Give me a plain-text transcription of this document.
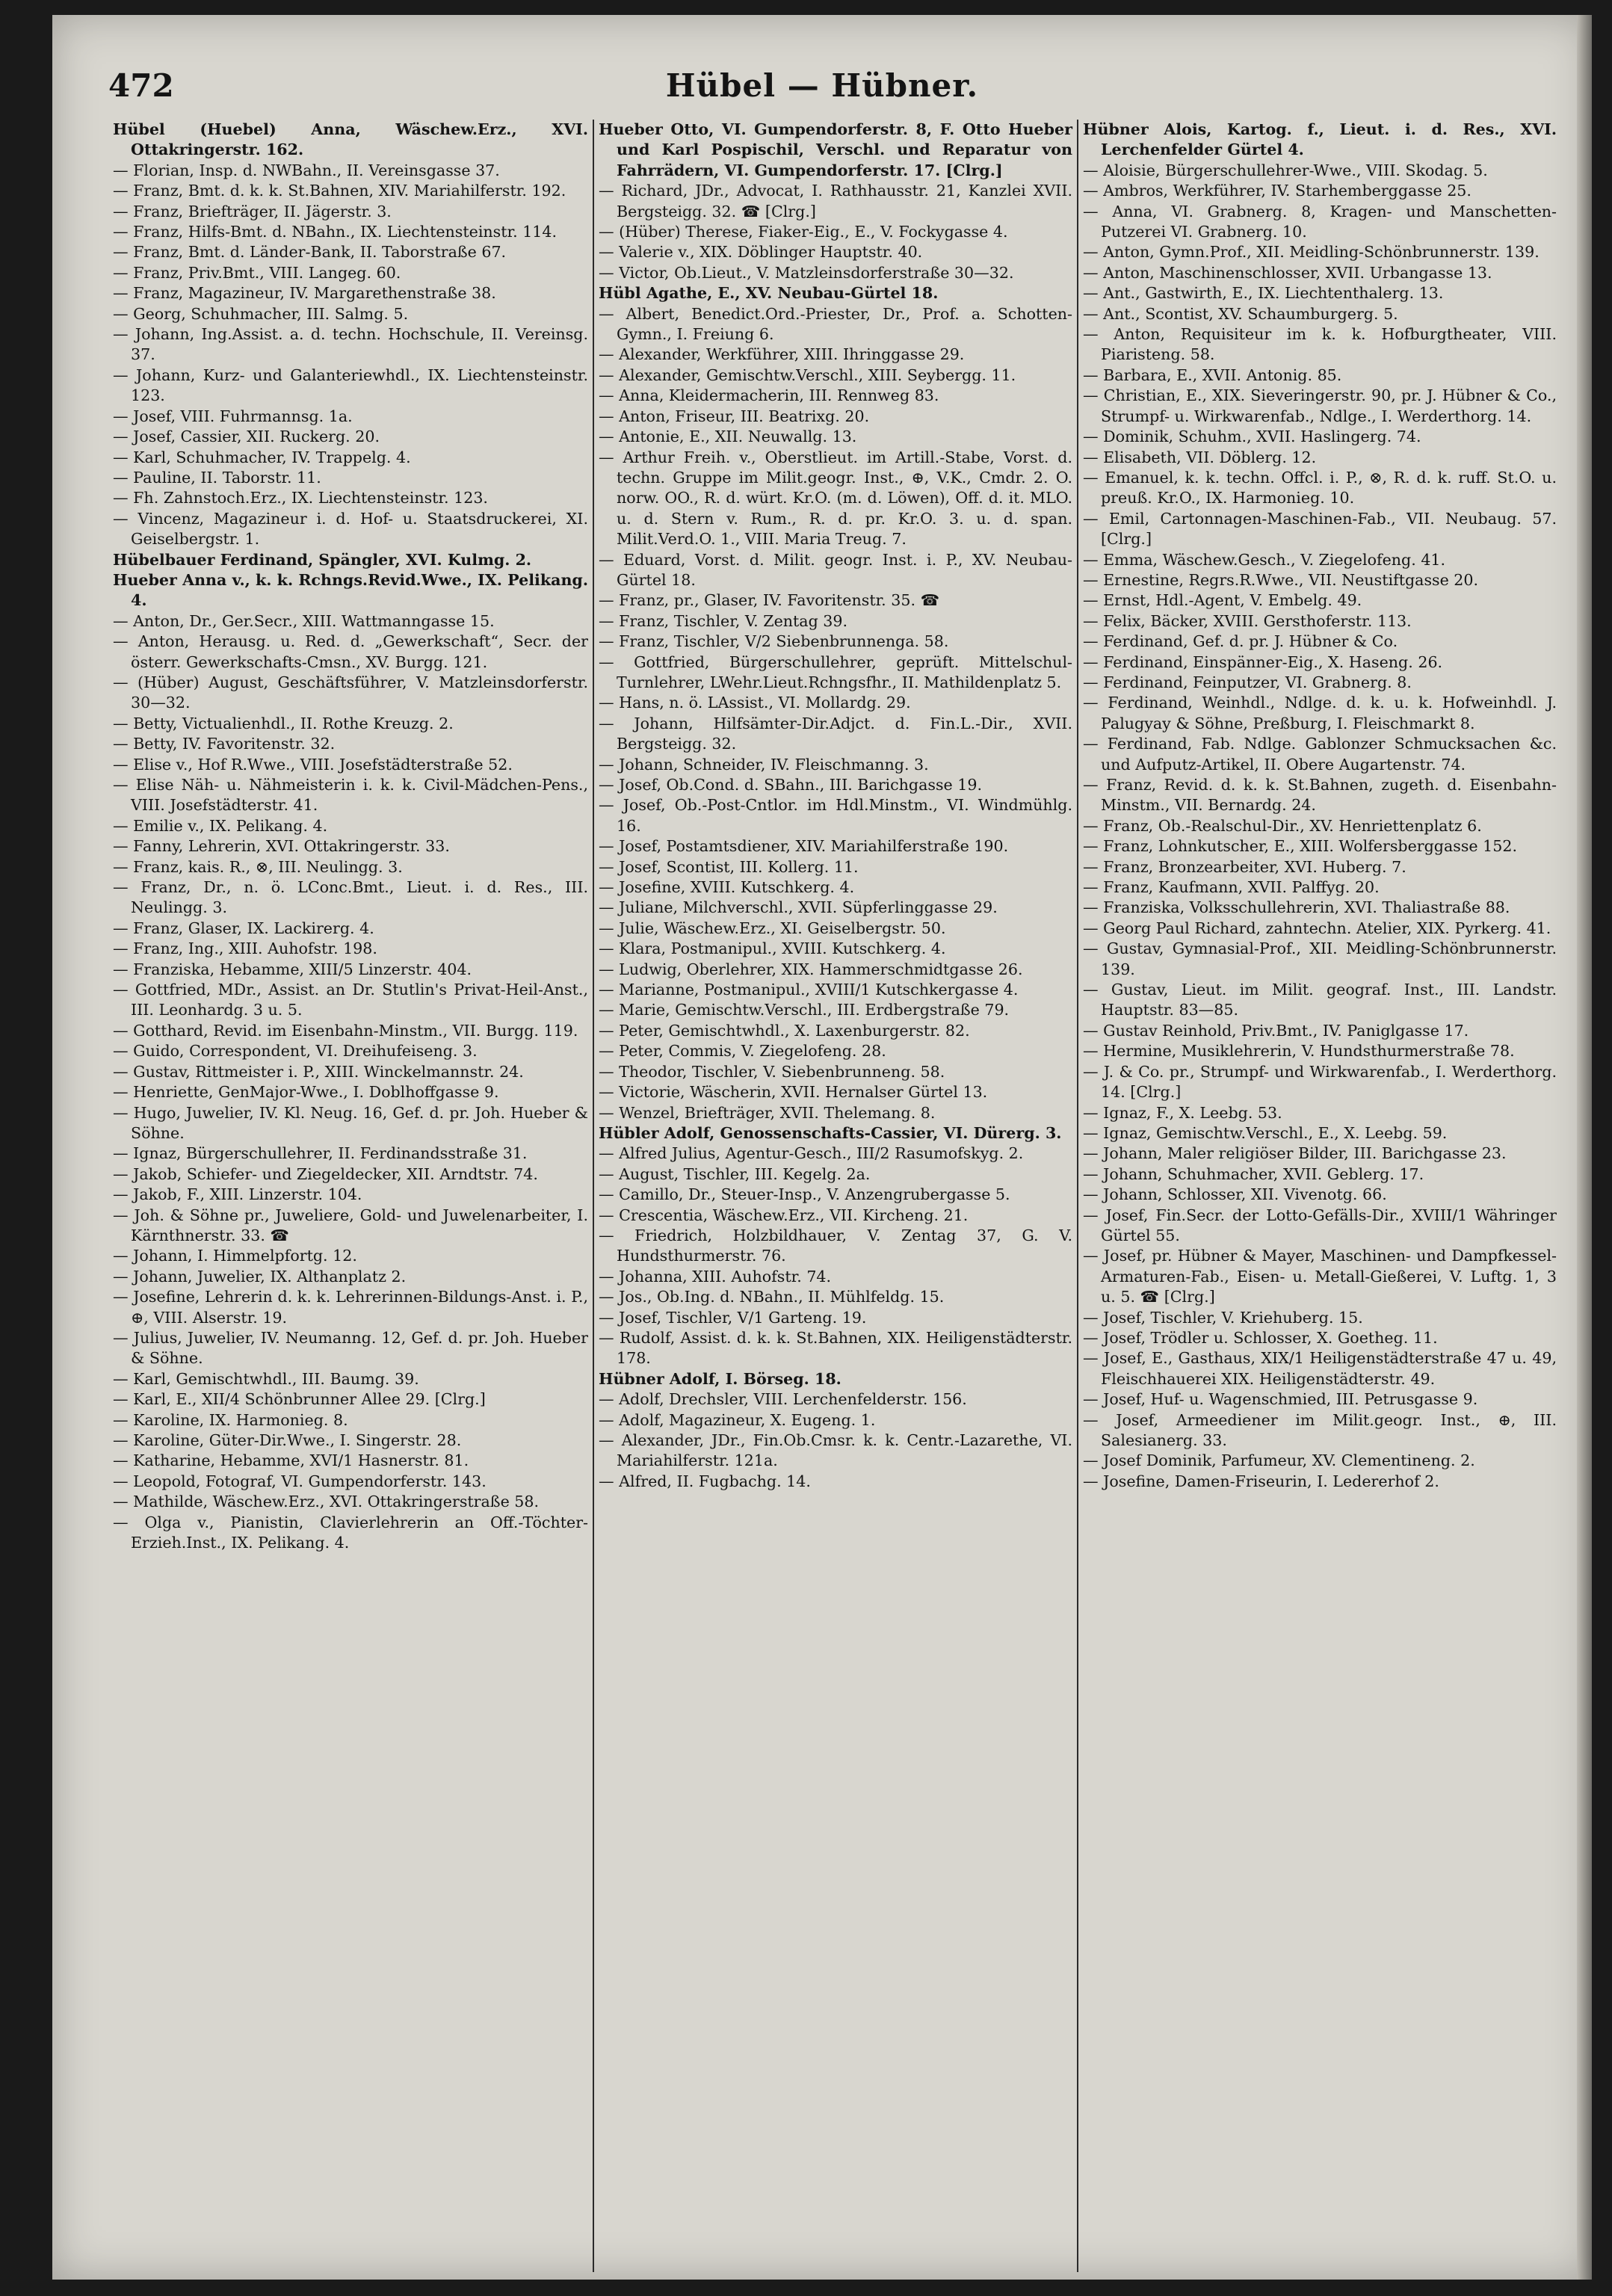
472	Hübel — Hübner.

Hübel (Huebel) Anna, Wäschew.Erz., XVI. Ottakringerstr. 162.

— Florian, Insp. d. NWBahn., II. Vereinsgasse 37.

— Franz, Bmt. d. k. k. St.Bahnen, XIV. Mariahilferstr. 192.

— Franz, Briefträger, II. Jägerstr. 3.

— Franz, Hilfs-Bmt. d. NBahn., IX. Liechtensteinstr. 114.

— Franz, Bmt. d. Länder-Bank, II. Taborstraße 67.

— Franz, Priv.Bmt., VIII. Langeg. 60.

— Franz, Magazineur, IV. Margarethenstraße 38.

— Georg, Schuhmacher, III. Salmg. 5.

— Johann, Ing.Assist. a. d. techn. Hochschule, II. Vereinsg. 37.

— Johann, Kurz- und Galanteriewhdl., IX. Liechtensteinstr. 123.

— Josef, VIII. Fuhrmannsg. 1a.

— Josef, Cassier, XII. Ruckerg. 20.

— Karl, Schuhmacher, IV. Trappelg. 4.

— Pauline, II. Taborstr. 11.

— Fh. Zahnstoch.Erz., IX. Liechtensteinstr. 123.

— Vincenz, Magazineur i. d. Hof- u. Staatsdruckerei, XI. Geiselbergstr. 1.

Hübelbauer Ferdinand, Spängler, XVI. Kulmg. 2.

Hueber Anna v., k. k. Rchngs.Revid.Wwe., IX. Pelikang. 4.

— Anton, Dr., Ger.Secr., XIII. Wattmanngasse 15.

— Anton, Herausg. u. Red. d. „Gewerkschaft“, Secr. der österr. Gewerkschafts-Cmsn., XV. Burgg. 121.

— (Hüber) August, Geschäftsführer, V. Matzleinsdorferstr. 30—32.

— Betty, Victualienhdl., II. Rothe Kreuzg. 2.

— Betty, IV. Favoritenstr. 32.

— Elise v., Hof R.Wwe., VIII. Josefstädterstraße 52.

— Elise Näh- u. Nähmeisterin i. k. k. Civil-Mädchen-Pens., VIII. Josefstädterstr. 41.

— Emilie v., IX. Pelikang. 4.

— Fanny, Lehrerin, XVI. Ottakringerstr. 33.

— Franz, kais. R., ⊗, III. Neulingg. 3.

— Franz, Dr., n. ö. LConc.Bmt., Lieut. i. d. Res., III. Neulingg. 3.

— Franz, Glaser, IX. Lackirerg. 4.

— Franz, Ing., XIII. Auhofstr. 198.

— Franziska, Hebamme, XIII/5 Linzerstr. 404.

— Gottfried, MDr., Assist. an Dr. Stutlin's Privat-Heil-Anst., III. Leonhardg. 3 u. 5.

— Gotthard, Revid. im Eisenbahn-Minstm., VII. Burgg. 119.

— Guido, Correspondent, VI. Dreihufeiseng. 3.

— Gustav, Rittmeister i. P., XIII. Winckelmannstr. 24.

— Henriette, GenMajor-Wwe., I. Doblhoffgasse 9.

— Hugo, Juwelier, IV. Kl. Neug. 16, Gef. d. pr. Joh. Hueber & Söhne.

— Ignaz, Bürgerschullehrer, II. Ferdinandsstraße 31.

— Jakob, Schiefer- und Ziegeldecker, XII. Arndtstr. 74.

— Jakob, F., XIII. Linzerstr. 104.

— Joh. & Söhne pr., Juweliere, Gold- und Juwelenarbeiter, I. Kärnthnerstr. 33. ☎

— Johann, I. Himmelpfortg. 12.

— Johann, Juwelier, IX. Althanplatz 2.

— Josefine, Lehrerin d. k. k. Lehrerinnen-Bildungs-Anst. i. P., ⊕, VIII. Alserstr. 19.

— Julius, Juwelier, IV. Neumanng. 12, Gef. d. pr. Joh. Hueber & Söhne.

— Karl, Gemischtwhdl., III. Baumg. 39.

— Karl, E., XII/4 Schönbrunner Allee 29. [Clrg.]

— Karoline, IX. Harmonieg. 8.

— Karoline, Güter-Dir.Wwe., I. Singerstr. 28.

— Katharine, Hebamme, XVI/1 Hasnerstr. 81.

— Leopold, Fotograf, VI. Gumpendorferstr. 143.

— Mathilde, Wäschew.Erz., XVI. Ottakringerstraße 58.

— Olga v., Pianistin, Clavierlehrerin an Off.-Töchter-Erzieh.Inst., IX. Pelikang. 4.

Hueber Otto, VI. Gumpendorferstr. 8, F. Otto Hueber und Karl Pospischil, Verschl. und Reparatur von Fahrrädern, VI. Gumpendorferstr. 17. [Clrg.]

— Richard, JDr., Advocat, I. Rathhausstr. 21, Kanzlei XVII. Bergsteigg. 32. ☎ [Clrg.]

— (Hüber) Therese, Fiaker-Eig., E., V. Fockygasse 4.

— Valerie v., XIX. Döblinger Hauptstr. 40.

— Victor, Ob.Lieut., V. Matzleinsdorferstraße 30—32.

Hübl Agathe, E., XV. Neubau-Gürtel 18.

— Albert, Benedict.Ord.-Priester, Dr., Prof. a. Schotten-Gymn., I. Freiung 6.

— Alexander, Werkführer, XIII. Ihringgasse 29.

— Alexander, Gemischtw.Verschl., XIII. Seybergg. 11.

— Anna, Kleidermacherin, III. Rennweg 83.

— Anton, Friseur, III. Beatrixg. 20.

— Antonie, E., XII. Neuwallg. 13.

— Arthur Freih. v., Oberstlieut. im Artill.-Stabe, Vorst. d. techn. Gruppe im Milit.geogr. Inst., ⊕, V.K., Cmdr. 2. O. norw. OO., R. d. würt. Kr.O. (m. d. Löwen), Off. d. it. MLO. u. d. Stern v. Rum., R. d. pr. Kr.O. 3. u. d. span. Milit.Verd.O. 1., VIII. Maria Treug. 7.

— Eduard, Vorst. d. Milit. geogr. Inst. i. P., XV. Neubau-Gürtel 18.

— Franz, pr., Glaser, IV. Favoritenstr. 35. ☎

— Franz, Tischler, V. Zentag 39.

— Franz, Tischler, V/2 Siebenbrunnenga. 58.

— Gottfried, Bürgerschullehrer, geprüft. Mittelschul-Turnlehrer, LWehr.Lieut.Rchngsfhr., II. Mathildenplatz 5.

— Hans, n. ö. LAssist., VI. Mollardg. 29.

— Johann, Hilfsämter-Dir.Adjct. d. Fin.L.-Dir., XVII. Bergsteigg. 32.

— Johann, Schneider, IV. Fleischmanng. 3.

— Josef, Ob.Cond. d. SBahn., III. Barichgasse 19.

— Josef, Ob.-Post-Cntlor. im Hdl.Minstm., VI. Windmühlg. 16.

— Josef, Postamtsdiener, XIV. Mariahilferstraße 190.

— Josef, Scontist, III. Kollerg. 11.

— Josefine, XVIII. Kutschkerg. 4.

— Juliane, Milchverschl., XVII. Süpferlinggasse 29.

— Julie, Wäschew.Erz., XI. Geiselbergstr. 50.

— Klara, Postmanipul., XVIII. Kutschkerg. 4.

— Ludwig, Oberlehrer, XIX. Hammerschmidtgasse 26.

— Marianne, Postmanipul., XVIII/1 Kutschkergasse 4.

— Marie, Gemischtw.Verschl., III. Erdbergstraße 79.

— Peter, Gemischtwhdl., X. Laxenburgerstr. 82.

— Peter, Commis, V. Ziegelofeng. 28.

— Theodor, Tischler, V. Siebenbrunneng. 58.

— Victorie, Wäscherin, XVII. Hernalser Gürtel 13.

— Wenzel, Briefträger, XVII. Thelemang. 8.

Hübler Adolf, Genossenschafts-Cassier, VI. Dürerg. 3.

— Alfred Julius, Agentur-Gesch., III/2 Rasumofskyg. 2.

— August, Tischler, III. Kegelg. 2a.

— Camillo, Dr., Steuer-Insp., V. Anzengrubergasse 5.

— Crescentia, Wäschew.Erz., VII. Kircheng. 21.

— Friedrich, Holzbildhauer, V. Zentag 37, G. V. Hundsthurmerstr. 76.

— Johanna, XIII. Auhofstr. 74.

— Jos., Ob.Ing. d. NBahn., II. Mühlfeldg. 15.

— Josef, Tischler, V/1 Garteng. 19.

— Rudolf, Assist. d. k. k. St.Bahnen, XIX. Heiligenstädterstr. 178.

Hübner Adolf, I. Börseg. 18.

— Adolf, Drechsler, VIII. Lerchenfelderstr. 156.

— Adolf, Magazineur, X. Eugeng. 1.

— Alexander, JDr., Fin.Ob.Cmsr. k. k. Centr.-Lazarethe, VI. Mariahilferstr. 121a.

— Alfred, II. Fugbachg. 14.

Hübner Alois, Kartog. f., Lieut. i. d. Res., XVI. Lerchenfelder Gürtel 4.

— Aloisie, Bürgerschullehrer-Wwe., VIII. Skodag. 5.

— Ambros, Werkführer, IV. Starhemberggasse 25.

— Anna, VI. Grabnerg. 8, Kragen- und Manschetten-Putzerei VI. Grabnerg. 10.

— Anton, Gymn.Prof., XII. Meidling-Schönbrunnerstr. 139.

— Anton, Maschinenschlosser, XVII. Urbangasse 13.

— Ant., Gastwirth, E., IX. Liechtenthalerg. 13.

— Ant., Scontist, XV. Schaumburgerg. 5.

— Anton, Requisiteur im k. k. Hofburgtheater, VIII. Piaristeng. 58.

— Barbara, E., XVII. Antonig. 85.

— Christian, E., XIX. Sieveringerstr. 90, pr. J. Hübner & Co., Strumpf- u. Wirkwarenfab., Ndlge., I. Werderthorg. 14.

— Dominik, Schuhm., XVII. Haslingerg. 74.

— Elisabeth, VII. Döblerg. 12.

— Emanuel, k. k. techn. Offcl. i. P., ⊗, R. d. k. ruff. St.O. u. preuß. Kr.O., IX. Harmonieg. 10.

— Emil, Cartonnagen-Maschinen-Fab., VII. Neubaug. 57. [Clrg.]

— Emma, Wäschew.Gesch., V. Ziegelofeng. 41.

— Ernestine, Regrs.R.Wwe., VII. Neustiftgasse 20.

— Ernst, Hdl.-Agent, V. Embelg. 49.

— Felix, Bäcker, XVIII. Gersthoferstr. 113.

— Ferdinand, Gef. d. pr. J. Hübner & Co.

— Ferdinand, Einspänner-Eig., X. Haseng. 26.

— Ferdinand, Feinputzer, VI. Grabnerg. 8.

— Ferdinand, Weinhdl., Ndlge. d. k. u. k. Hofweinhdl. J. Palugyay & Söhne, Preßburg, I. Fleischmarkt 8.

— Ferdinand, Fab. Ndlge. Gablonzer Schmucksachen &c. und Aufputz-Artikel, II. Obere Augartenstr. 74.

— Franz, Revid. d. k. k. St.Bahnen, zugeth. d. Eisenbahn-Minstm., VII. Bernardg. 24.

— Franz, Ob.-Realschul-Dir., XV. Henriettenplatz 6.

— Franz, Lohnkutscher, E., XIII. Wolfersberggasse 152.

— Franz, Bronzearbeiter, XVI. Huberg. 7.

— Franz, Kaufmann, XVII. Palffyg. 20.

— Franziska, Volksschullehrerin, XVI. Thaliastraße 88.

— Georg Paul Richard, zahntechn. Atelier, XIX. Pyrkerg. 41.

— Gustav, Gymnasial-Prof., XII. Meidling-Schönbrunnerstr. 139.

— Gustav, Lieut. im Milit. geograf. Inst., III. Landstr. Hauptstr. 83—85.

— Gustav Reinhold, Priv.Bmt., IV. Paniglgasse 17.

— Hermine, Musiklehrerin, V. Hundsthurmerstraße 78.

— J. & Co. pr., Strumpf- und Wirkwarenfab., I. Werderthorg. 14. [Clrg.]

— Ignaz, F., X. Leebg. 53.

— Ignaz, Gemischtw.Verschl., E., X. Leebg. 59.

— Johann, Maler religiöser Bilder, III. Barichgasse 23.

— Johann, Schuhmacher, XVII. Geblerg. 17.

— Johann, Schlosser, XII. Vivenotg. 66.

— Josef, Fin.Secr. der Lotto-Gefälls-Dir., XVIII/1 Währinger Gürtel 55.

— Josef, pr. Hübner & Mayer, Maschinen- und Dampfkessel-Armaturen-Fab., Eisen- u. Metall-Gießerei, V. Luftg. 1, 3 u. 5. ☎ [Clrg.]

— Josef, Tischler, V. Kriehuberg. 15.

— Josef, Trödler u. Schlosser, X. Goetheg. 11.

— Josef, E., Gasthaus, XIX/1 Heiligenstädterstraße 47 u. 49, Fleischhauerei XIX. Heiligenstädterstr. 49.

— Josef, Huf- u. Wagenschmied, III. Petrusgasse 9.

— Josef, Armeediener im Milit.geogr. Inst., ⊕, III. Salesianerg. 33.

— Josef Dominik, Parfumeur, XV. Clementineng. 2.

— Josefine, Damen-Friseurin, I. Ledererhof 2.
